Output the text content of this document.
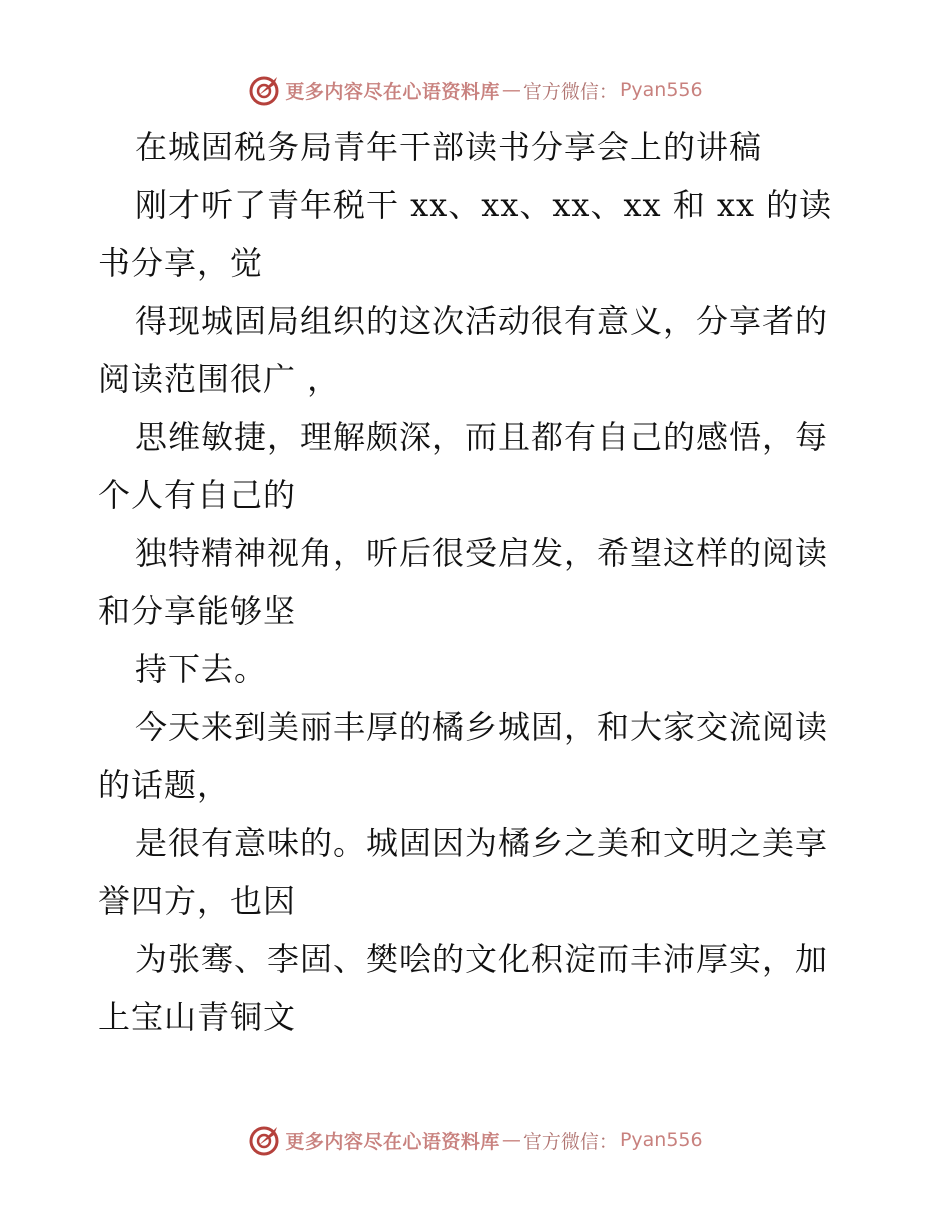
更多内容尽在心语资料库 — 官方微信： Pyan556
在城固税务局青年干部读书分享会上的讲稿
刚才听了青年税干 xx、xx、xx、xx 和 xx 的读
书分享，觉
得现城固局组织的这次活动很有意义，分享者的
阅读范围很广 ，
思维敏捷，理解颇深，而且都有自己的感悟，每
个人有自己的
独特精神视角，听后很受启发，希望这样的阅读
和分享能够坚
持下去。
今天来到美丽丰厚的橘乡城固，和大家交流阅读
的话题，
是很有意味的。城固因为橘乡之美和文明之美享
誉四方，也因
为张骞、李固、樊哙的文化积淀而丰沛厚实，加
上宝山青铜文
更多内容尽在心语资料库 — 官方微信： Pyan556
